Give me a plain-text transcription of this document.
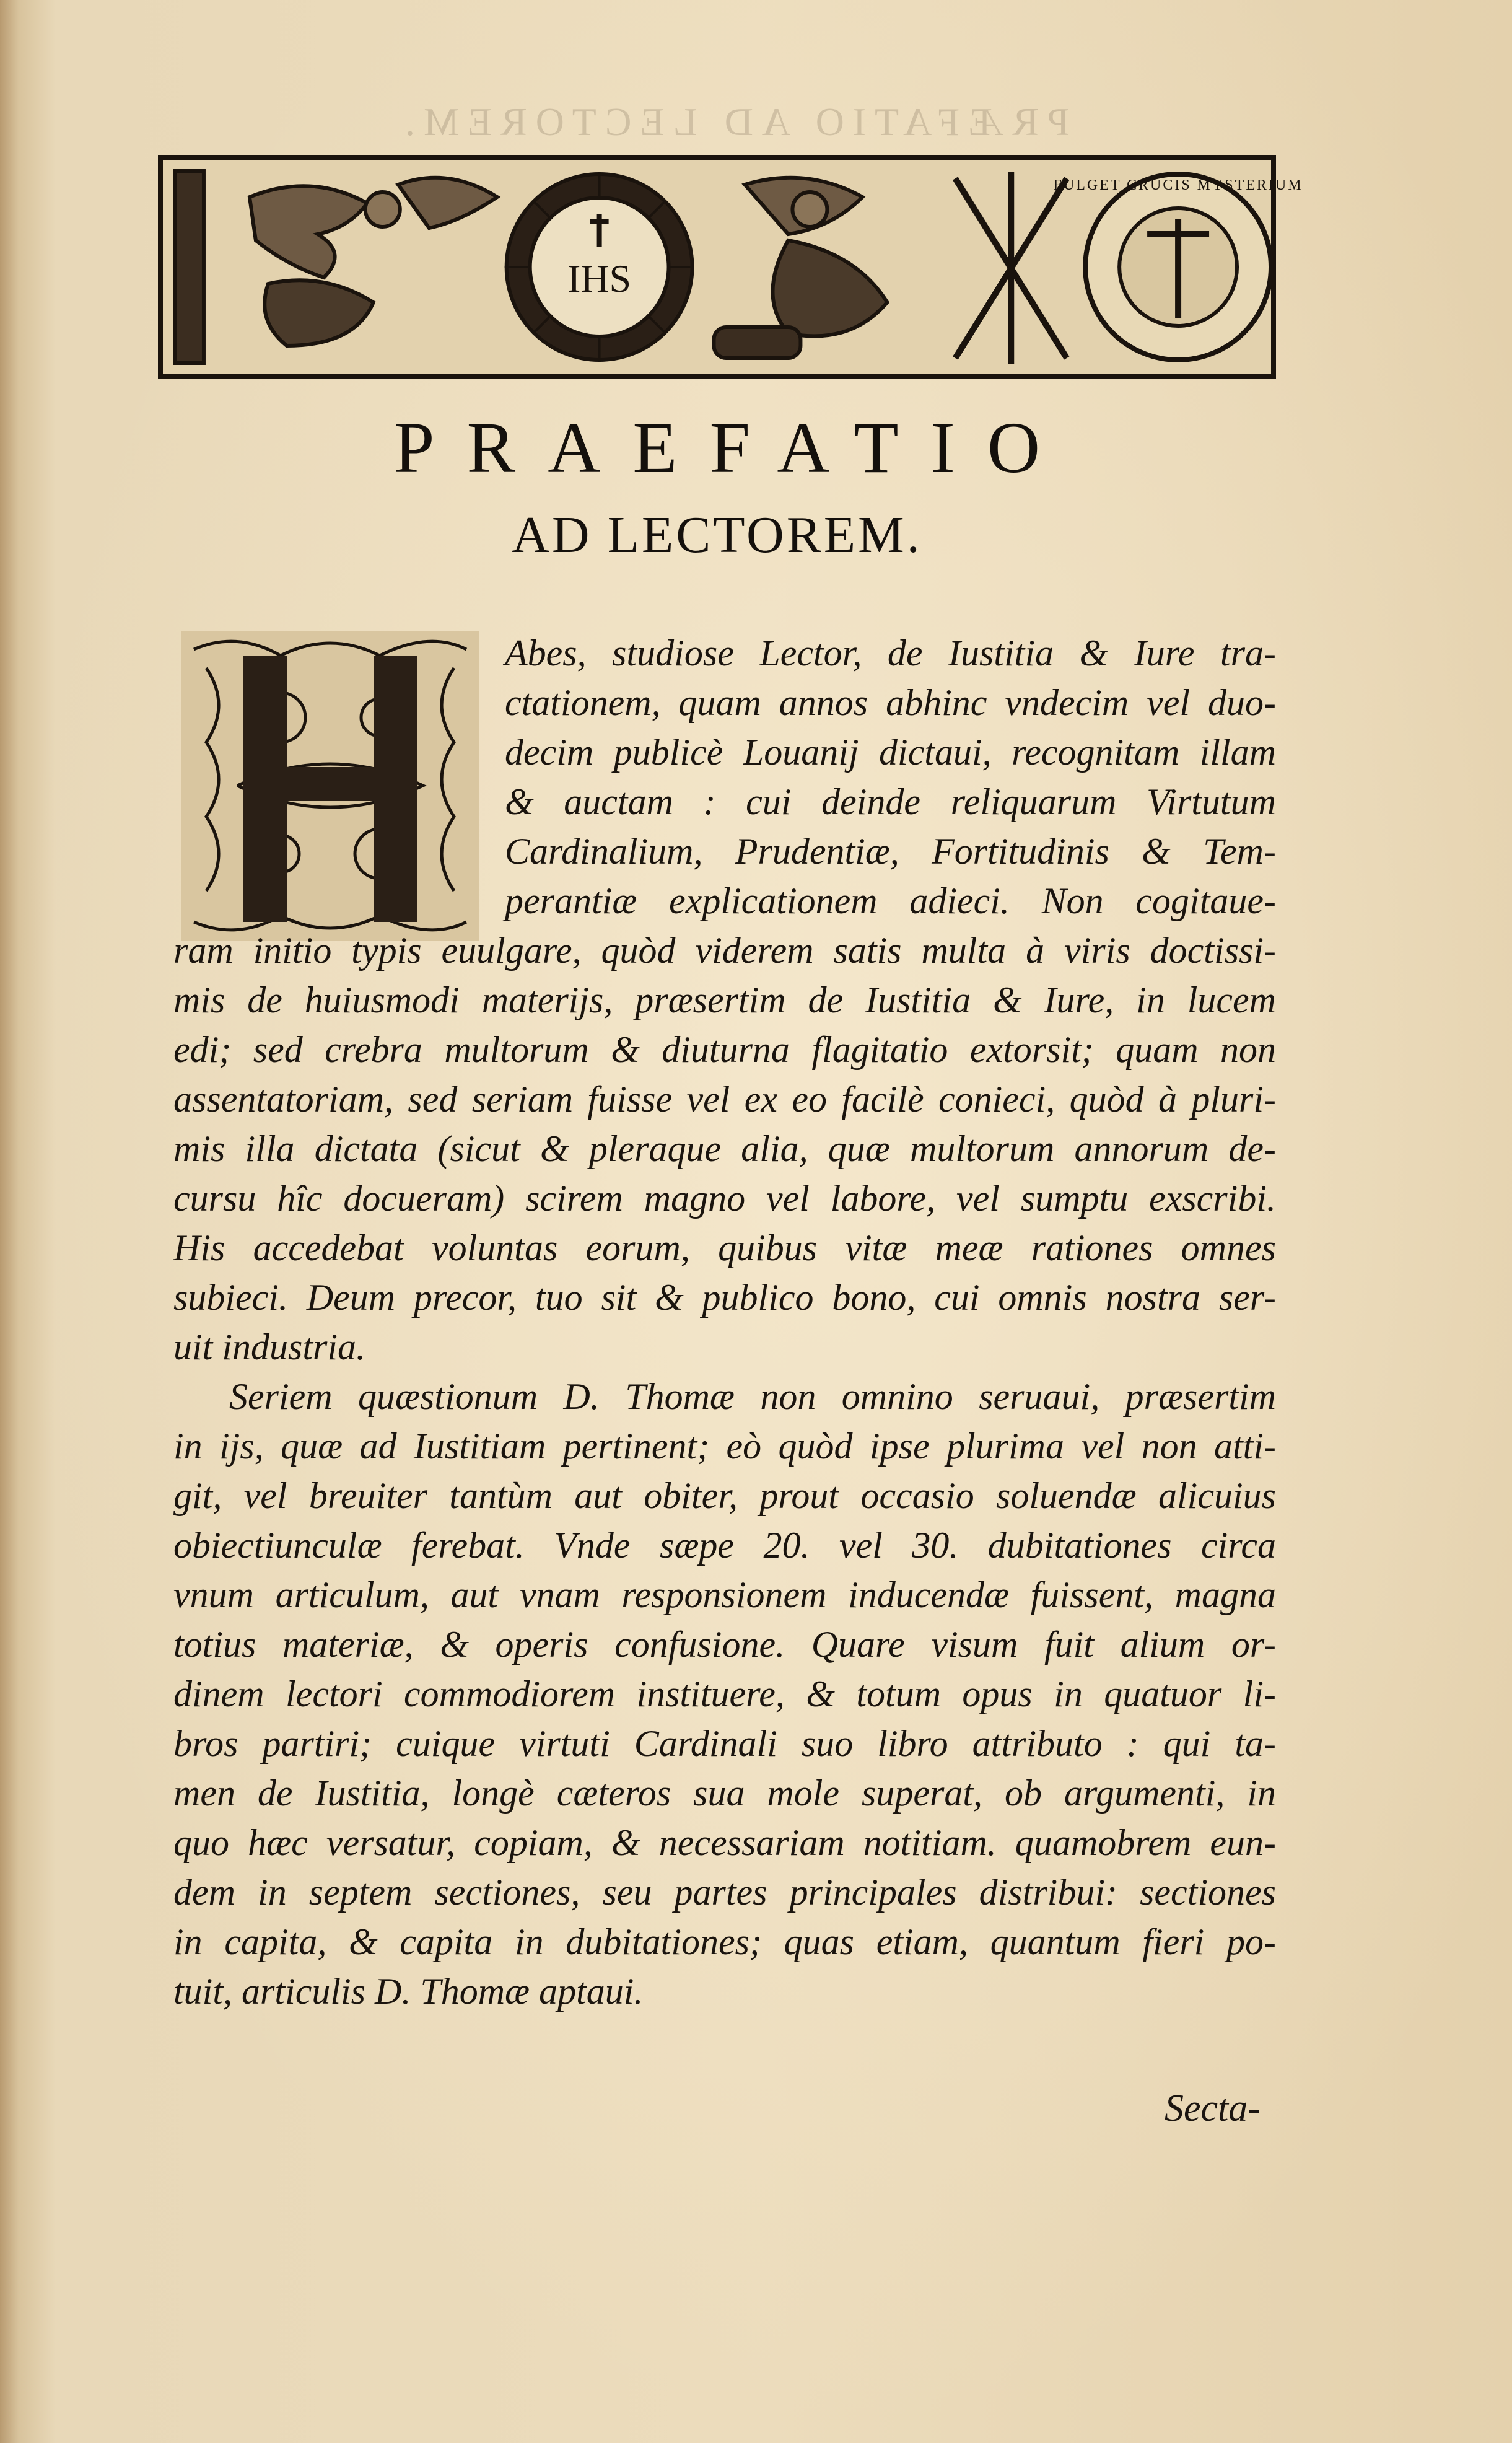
PRÆFATIO AD LECTOREM.
IHS
FULGET CRUCIS MYSTERIUM
PRAEFATIO
AD LECTOREM.
H

Abes, studiose Lector, de Iustitia & Iure tra-

ctationem, quam annos abhinc vndecim vel duo-

decim publicè Louanij dictaui, recognitam illam

& auctam : cui deinde reliquarum Virtutum

Cardinalium, Prudentiæ, Fortitudinis & Tem-

perantiæ explicationem adieci. Non cogitaue-

ram initio typis euulgare, quòd viderem satis multa à viris doctissi-

mis de huiusmodi materijs, præsertim de Iustitia & Iure, in lucem

edi; sed crebra multorum & diuturna flagitatio extorsit; quam non

assentatoriam, sed seriam fuisse vel ex eo facilè conieci, quòd à pluri-

mis illa dictata (sicut & pleraque alia, quæ multorum annorum de-

cursu hîc docueram) scirem magno vel labore, vel sumptu exscribi.

His accedebat voluntas eorum, quibus vitæ meæ rationes omnes

subieci. Deum precor, tuo sit & publico bono, cui omnis nostra ser-

uit industria.

Seriem quæstionum D. Thomæ non omnino seruaui, præsertim

in ijs, quæ ad Iustitiam pertinent; eò quòd ipse plurima vel non atti-

git, vel breuiter tantùm aut obiter, prout occasio soluendæ alicuius

obiectiunculæ ferebat. Vnde sæpe 20. vel 30. dubitationes circa

vnum articulum, aut vnam responsionem inducendæ fuissent, magna

totius materiæ, & operis confusione. Quare visum fuit alium or-

dinem lectori commodiorem instituere, & totum opus in quatuor li-

bros partiri; cuique virtuti Cardinali suo libro attributo : qui ta-

men de Iustitia, longè cæteros sua mole superat, ob argumenti, in

quo hæc versatur, copiam, & necessariam notitiam. quamobrem eun-

dem in septem sectiones, seu partes principales distribui: sectiones

in capita, & capita in dubitationes; quas etiam, quantum fieri po-

tuit, articulis D. Thomæ aptaui.

Secta-
